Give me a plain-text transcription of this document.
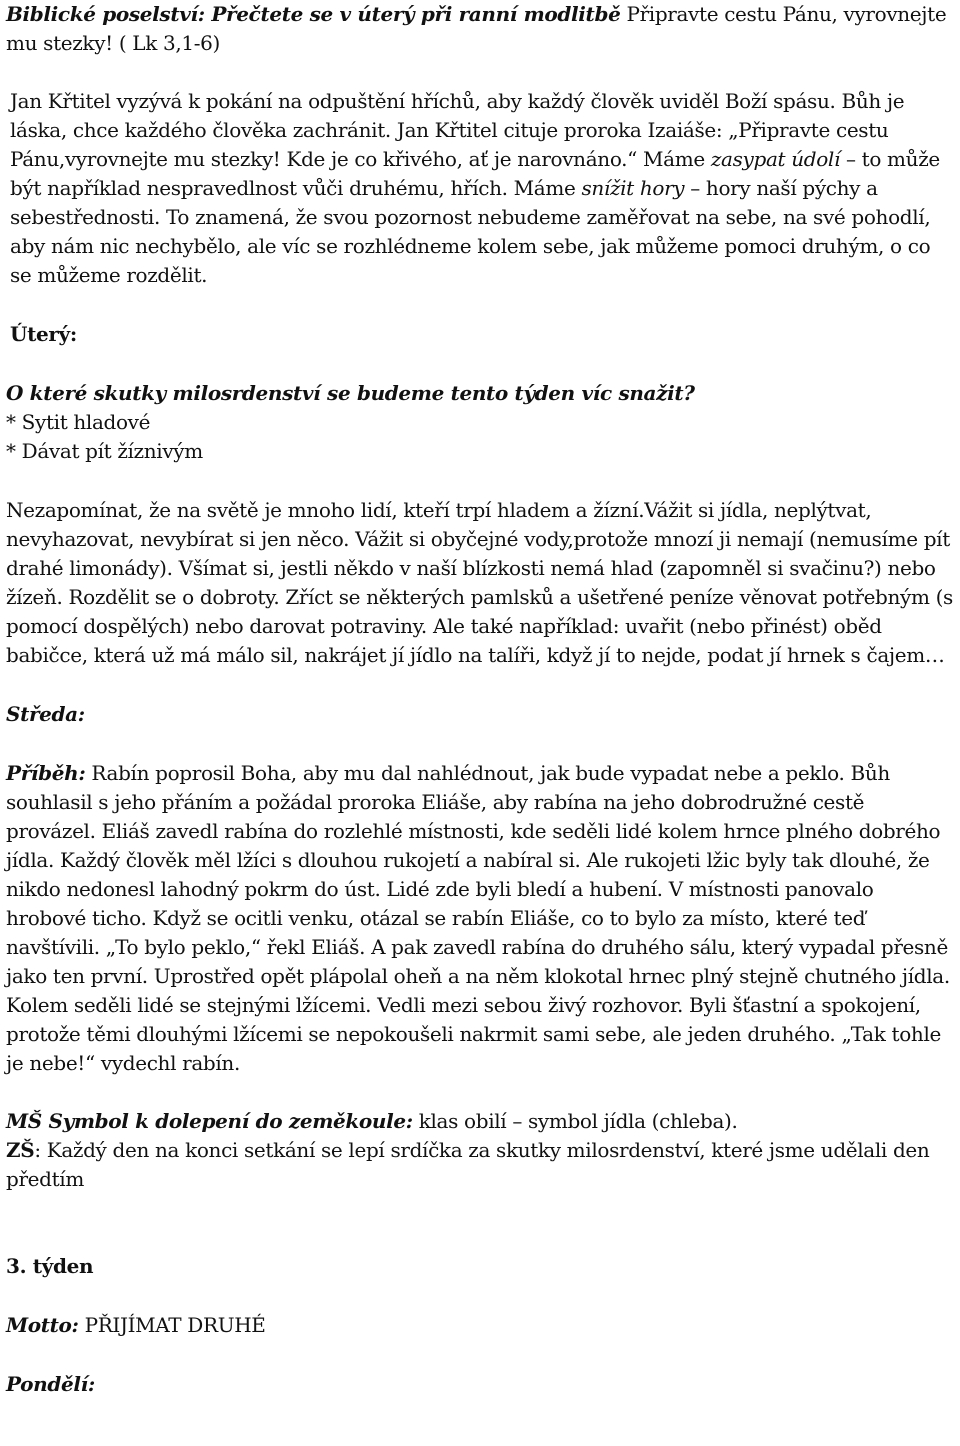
Biblické poselství: Přečtete se v úterý při ranní modlitbě Připravte cestu Pánu, vyrovnejte mu stezky! ( Lk 3,1-6)

Jan Křtitel vyzývá k pokání na odpuštění hříchů, aby každý člověk uviděl Boží spásu. Bůh je láska, chce každého člověka zachránit. Jan Křtitel cituje proroka Izaiáše: „Připravte cestu Pánu,vyrovnejte mu stezky! Kde je co křivého, ať je narovnáno.“ Máme zasypat údolí – to může být například nespravedlnost vůči druhému, hřích. Máme snížit hory – hory naší pýchy a sebestřednosti. To znamená, že svou pozornost nebudeme zaměřovat na sebe, na své pohodlí, aby nám nic nechybělo, ale víc se rozhlédneme kolem sebe, jak můžeme pomoci druhým, o co se můžeme rozdělit.

Úterý:

O které skutky milosrdenství se budeme tento týden víc snažit?

* Sytit hladové

* Dávat pít žíznivým

Nezapomínat, že na světě je mnoho lidí, kteří trpí hladem a žízní.Vážit si jídla, neplýtvat, nevyhazovat, nevybírat si jen něco. Vážit si obyčejné vody,protože mnozí ji nemají (nemusíme pít drahé limonády). Všímat si, jestli někdo v naší blízkosti nemá hlad (zapomněl si svačinu?) nebo žízeň. Rozdělit se o dobroty. Zříct se některých pamlsků a ušetřené peníze věnovat potřebným (s pomocí dospělých) nebo darovat potraviny. Ale také například: uvařit (nebo přinést) oběd babičce, která už má málo sil, nakrájet jí jídlo na talíři, když jí to nejde, podat jí hrnek s čajem…

Středa:

Příběh: Rabín poprosil Boha, aby mu dal nahlédnout, jak bude vypadat nebe a peklo. Bůh souhlasil s jeho přáním a požádal proroka Eliáše, aby rabína na jeho dobrodružné cestě provázel. Eliáš zavedl rabína do rozlehlé místnosti, kde seděli lidé kolem hrnce plného dobrého jídla. Každý člověk měl lžíci s dlouhou rukojetí a nabíral si. Ale rukojeti lžic byly tak dlouhé, že nikdo nedonesl lahodný pokrm do úst. Lidé zde byli bledí a hubení. V místnosti panovalo hrobové ticho. Když se ocitli venku, otázal se rabín Eliáše, co to bylo za místo, které teď navštívili. „To bylo peklo,“ řekl Eliáš. A pak zavedl rabína do druhého sálu, který vypadal přesně jako ten první. Uprostřed opět plápolal oheň a na něm klokotal hrnec plný stejně chutného jídla. Kolem seděli lidé se stejnými lžícemi. Vedli mezi sebou živý rozhovor. Byli šťastní a spokojení, protože těmi dlouhými lžícemi se nepokoušeli nakrmit sami sebe, ale jeden druhého. „Tak tohle je nebe!“ vydechl rabín.

MŠ Symbol k dolepení do zeměkoule: klas obilí – symbol jídla (chleba).

ZŠ: Každý den na konci setkání se lepí srdíčka za skutky milosrdenství, které jsme udělali den předtím

3. týden

Motto: PŘIJÍMAT DRUHÉ

Pondělí:
